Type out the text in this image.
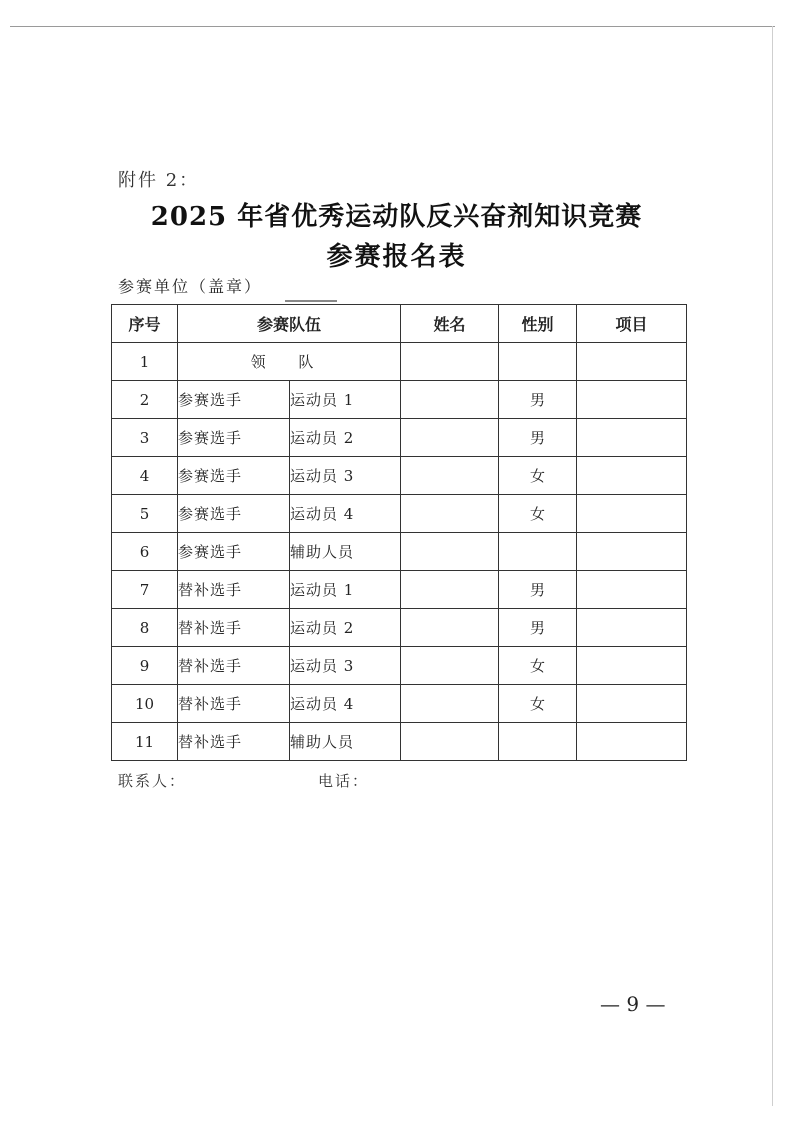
附件 2：
2025 年省优秀运动队反兴奋剂知识竞赛
参赛报名表
参赛单位（盖章）
序号	参赛队伍		姓名	性别	项目
1	领 队				
2	参赛选手	运动员 1		男	
3	参赛选手	运动员 2		男	
4	参赛选手	运动员 3		女	
5	参赛选手	运动员 4		女	
6	参赛选手	辅助人员			
7	替补选手	运动员 1		男	
8	替补选手	运动员 2		男	
9	替补选手	运动员 3		女	
10	替补选手	运动员 4		女	
11	替补选手	辅助人员			
联系人：	电话：
— 9 —
